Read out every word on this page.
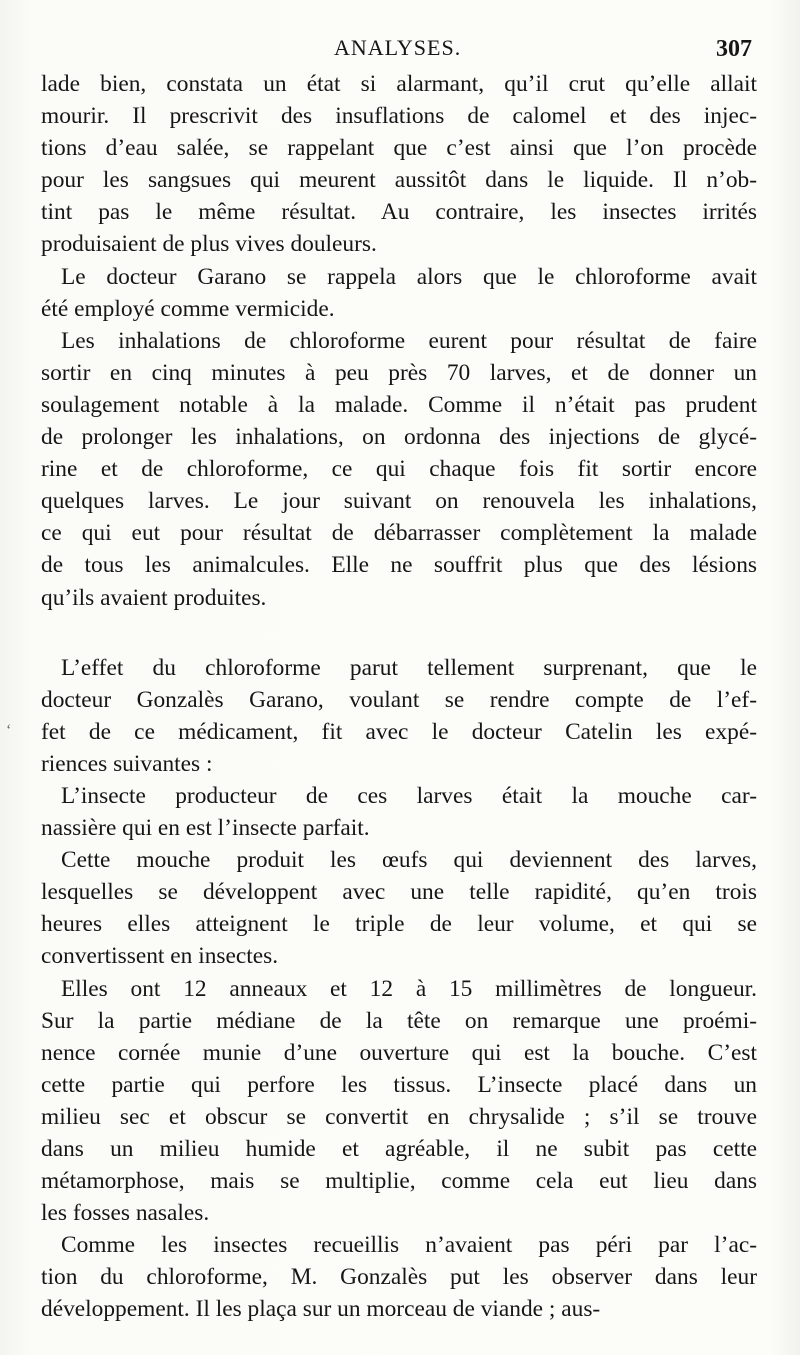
ANALYSES.	307
ʻ
lade bien, constata un état si alarmant, qu’il crut qu’elle allait
mourir. Il prescrivit des insuflations de calomel et des injec-
tions d’eau salée, se rappelant que c’est ainsi que l’on procède
pour les sangsues qui meurent aussitôt dans le liquide. Il n’ob-
tint pas le même résultat. Au contraire, les insectes irrités
produisaient de plus vives douleurs.
Le docteur Garano se rappela alors que le chloroforme avait
été employé comme vermicide.
Les inhalations de chloroforme eurent pour résultat de faire
sortir en cinq minutes à peu près 70 larves, et de donner un
soulagement notable à la malade. Comme il n’était pas prudent
de prolonger les inhalations, on ordonna des injections de glycé-
rine et de chloroforme, ce qui chaque fois fit sortir encore
quelques larves. Le jour suivant on renouvela les inhalations,
ce qui eut pour résultat de débarrasser complètement la malade
de tous les animalcules. Elle ne souffrit plus que des lésions
qu’ils avaient produites.
L’effet du chloroforme parut tellement surprenant, que le
docteur Gonzalès Garano, voulant se rendre compte de l’ef-
fet de ce médicament, fit avec le docteur Catelin les expé-
riences suivantes :
L’insecte producteur de ces larves était la mouche car-
nassière qui en est l’insecte parfait.
Cette mouche produit les œufs qui deviennent des larves,
lesquelles se développent avec une telle rapidité, qu’en trois
heures elles atteignent le triple de leur volume, et qui se
convertissent en insectes.
Elles ont 12 anneaux et 12 à 15 millimètres de longueur.
Sur la partie médiane de la tête on remarque une proémi-
nence cornée munie d’une ouverture qui est la bouche. C’est
cette partie qui perfore les tissus. L’insecte placé dans un
milieu sec et obscur se convertit en chrysalide ; s’il se trouve
dans un milieu humide et agréable, il ne subit pas cette
métamorphose, mais se multiplie, comme cela eut lieu dans
les fosses nasales.
Comme les insectes recueillis n’avaient pas péri par l’ac-
tion du chloroforme, M. Gonzalès put les observer dans leur
développement. Il les plaça sur un morceau de viande ; aus-
